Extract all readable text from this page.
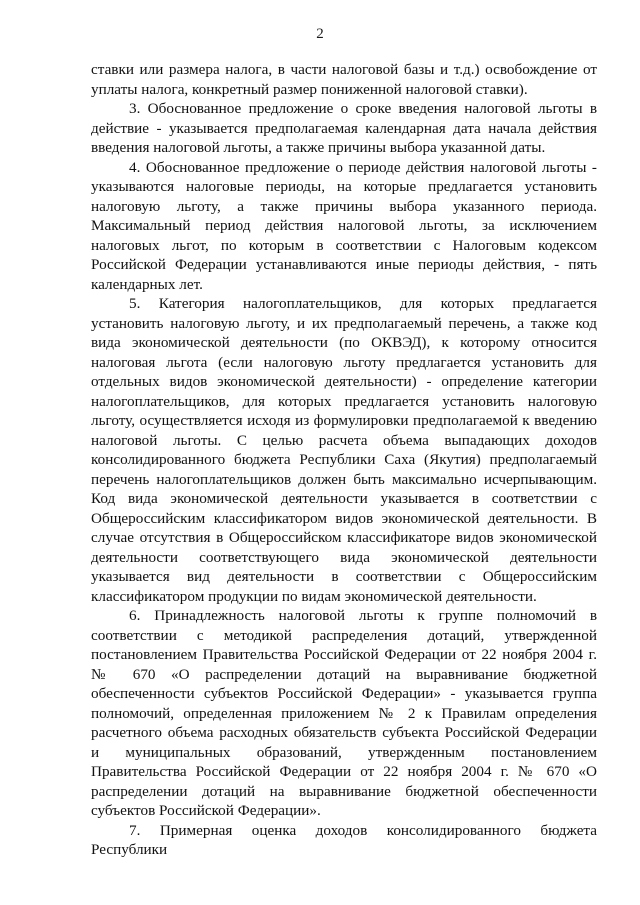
2

ставки или размера налога, в части налоговой базы и т.д.) освобождение от уплаты налога, конкретный размер пониженной налоговой ставки).

3. Обоснованное предложение о сроке введения налоговой льготы в действие - указывается предполагаемая календарная дата начала действия введения налоговой льготы, а также причины выбора указанной даты.

4. Обоснованное предложение о периоде действия налоговой льготы - указываются налоговые периоды, на которые предлагается установить налоговую льготу, а также причины выбора указанного периода. Максимальный период действия налоговой льготы, за исключением налоговых льгот, по которым в соответствии с Налоговым кодексом Российской Федерации устанавливаются иные периоды действия, - пять календарных лет.

5. Категория налогоплательщиков, для которых предлагается установить налоговую льготу, и их предполагаемый перечень, а также код вида экономической деятельности (по ОКВЭД), к которому относится налоговая льгота (если налоговую льготу предлагается установить для отдельных видов экономической деятельности) - определение категории налогоплательщиков, для которых предлагается установить налоговую льготу, осуществляется исходя из формулировки предполагаемой к введению налоговой льготы. С целью расчета объема выпадающих доходов консолидированного бюджета Республики Саха (Якутия) предполагаемый перечень налогоплательщиков должен быть максимально исчерпывающим. Код вида экономической деятельности указывается в соответствии с Общероссийским классификатором видов экономической деятельности. В случае отсутствия в Общероссийском классификаторе видов экономической деятельности соответствующего вида экономической деятельности указывается вид деятельности в соответствии с Общероссийским классификатором продукции по видам экономической деятельности.

6. Принадлежность налоговой льготы к группе полномочий в соответствии с методикой распределения дотаций, утвержденной постановлением Правительства Российской Федерации от 22 ноября 2004 г. № 670 «О распределении дотаций на выравнивание бюджетной обеспеченности субъектов Российской Федерации» - указывается группа полномочий, определенная приложением № 2 к Правилам определения расчетного объема расходных обязательств субъекта Российской Федерации и муниципальных образований, утвержденным постановлением Правительства Российской Федерации от 22 ноября 2004 г. № 670 «О распределении дотаций на выравнивание бюджетной обеспеченности субъектов Российской Федерации».

7. Примерная оценка доходов консолидированного бюджета Республики
